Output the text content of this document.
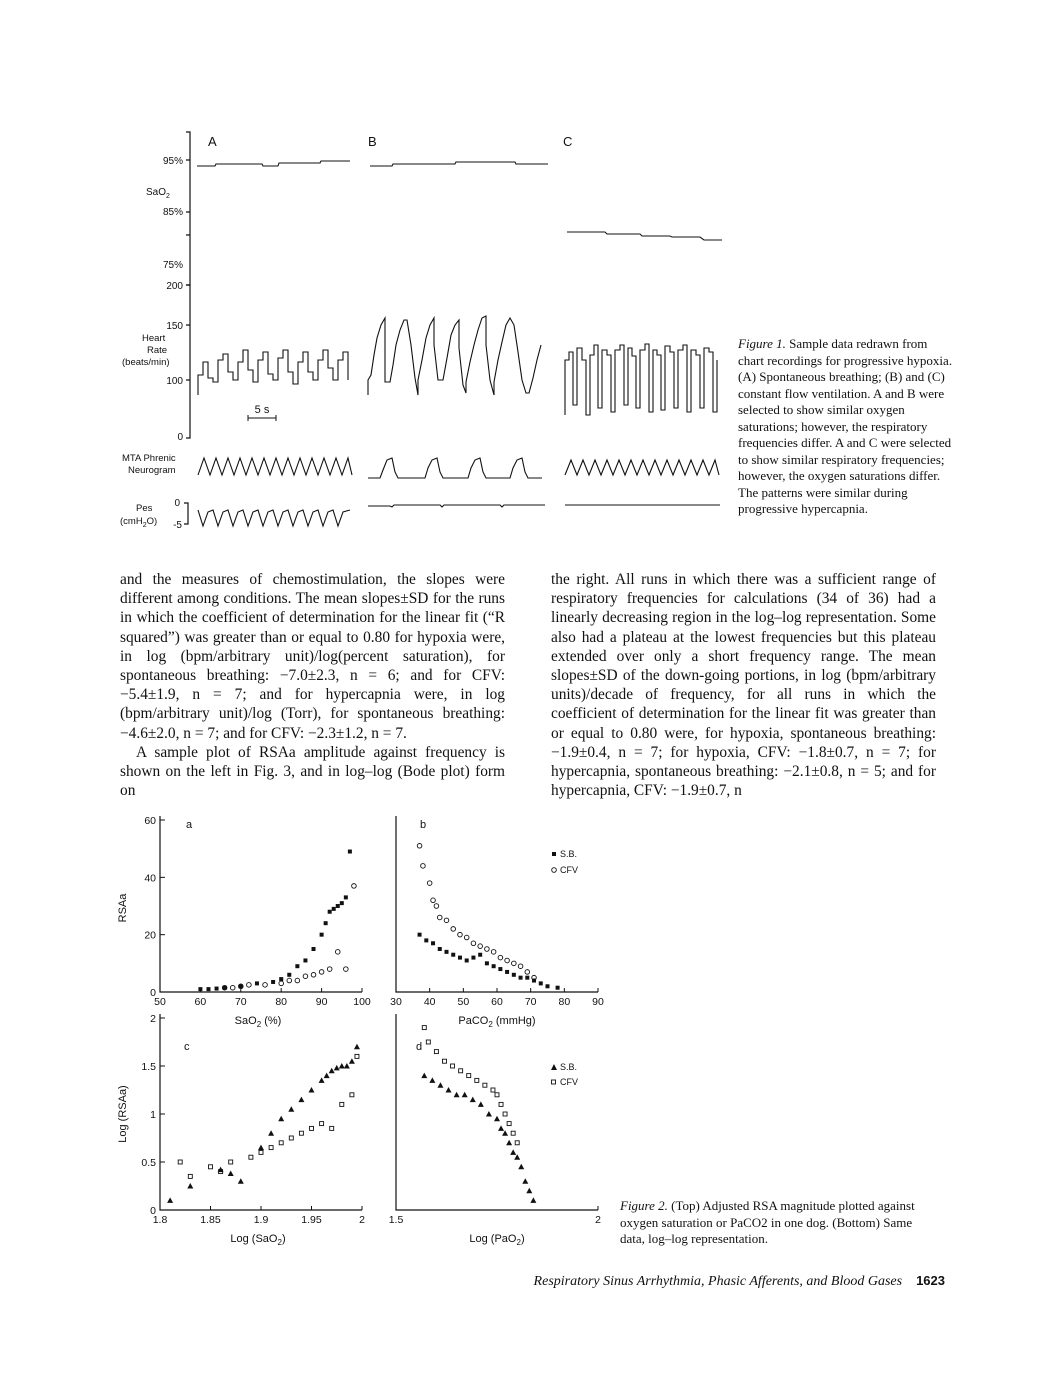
A	B	C
95%
85%
75%
SaO$_2$
200
150
100
0
Heart
Rate
(beats/min)
5 s
MTA Phrenic
Neurogram
Pes
(cmH$_2$O)
0
-5
Figure 1. Sample data redrawn from chart recordings for progressive hypoxia. (A) Spontaneous breathing; (B) and (C) constant flow ventilation. A and B were selected to show similar oxygen saturations; however, the respiratory frequencies differ. A and C were selected to show similar respiratory frequencies; however, the oxygen saturations differ. The patterns were similar during progressive hypercapnia.

and the measures of chemostimulation, the slopes were different among conditions. The mean slopes±SD for the runs in which the coefficient of determination for the linear fit (“R squared”) was greater than or equal to 0.80 for hypoxia were, in log (bpm/arbitrary unit)/log(percent saturation), for spontaneous breathing: −7.0±2.3, n = 6; and for CFV: −5.4±1.9, n = 7; and for hypercapnia were, in log (bpm/arbitrary unit)/log (Torr), for spontaneous breathing: −4.6±2.0, n = 7; and for CFV: −2.3±1.2, n = 7.

A sample plot of RSAa amplitude against frequency is shown on the left in Fig. 3, and in log–log (Bode plot) form on

the right. All runs in which there was a sufficient range of respiratory frequencies for calculations (34 of 36) had a linearly decreasing region in the log–log representation. Some also had a plateau at the lowest frequencies but this plateau extended over only a short frequency range. The mean slopes±SD of the down-going portions, in log (bpm/arbitrary units)/decade of frequency, for all runs in which the coefficient of determination for the linear fit was greater than or equal to 0.80 were, for hypoxia, spontaneous breathing: −1.9±0.4, n = 7; for hypoxia, CFV: −1.8±0.7, n = 7; for hypercapnia, spontaneous breathing: −2.1±0.8, n = 5; and for hypercapnia, CFV: −1.9±0.7, n

a	b
c	d
RSAa
Log (RSAa)
SaO$_2$ (%)	PaCO$_2$ (mmHg)
Log (SaO$_2$)	Log (PaO$_2$)
S.B.
CFV
S.B.
CFV
50	60	70	80	90 100
0
20
40
60
30 40 50 60 70 80 90
1.8	1.85	1.9	1.95	2
0
0.5
1
1.5
2
1.5	2
Figure 2. (Top) Adjusted RSA magnitude plotted against oxygen saturation or PaCO2 in one dog. (Bottom) Same data, log–log representation.
Respiratory Sinus Arrhythmia, Phasic Afferents, and Blood Gases 1623
